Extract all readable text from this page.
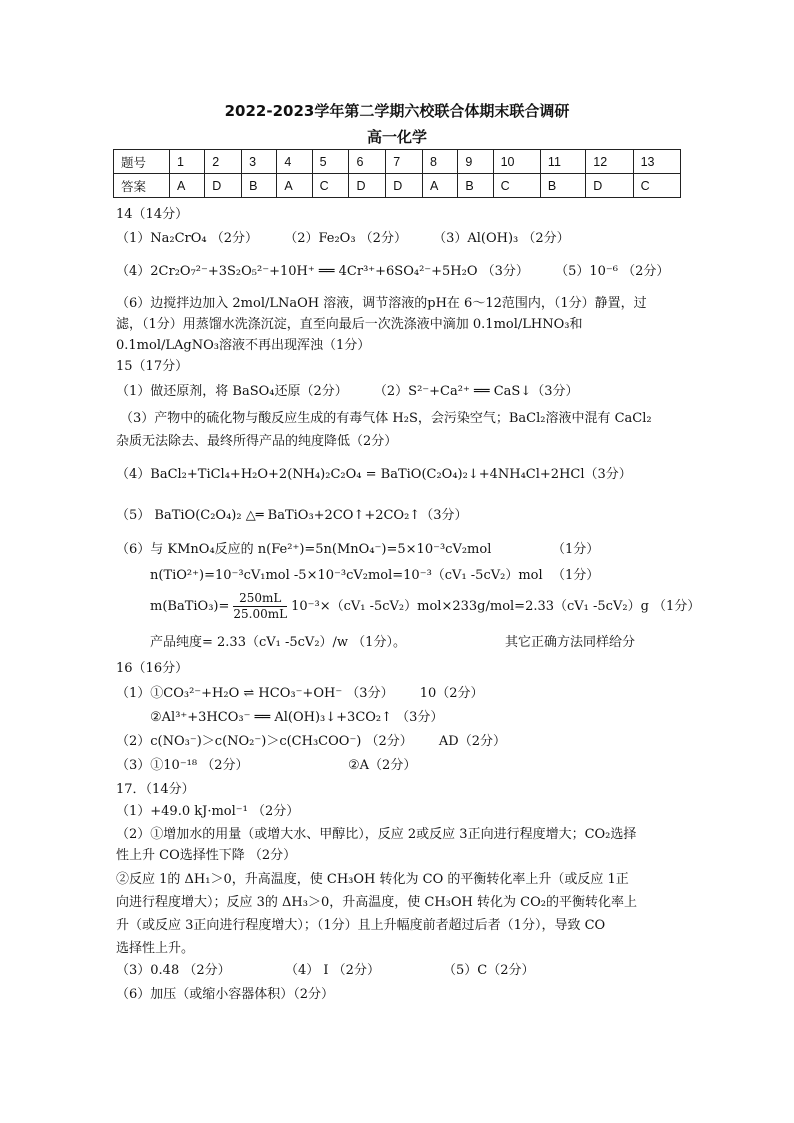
2022-2023学年第二学期六校联合体期末联合调研
高一化学
题号	1	2	3	4	5	6	7	8	9	10	11	12	13
答案	A	D	B	A	C	D	D	A	B	C	B	D	C
14（14分）
（1）Na₂CrO₄ （2分） （2）Fe₂O₃ （2分） （3）Al(OH)₃ （2分）
（4）2Cr₂O₇²⁻+3S₂O₅²⁻+10H⁺ ══ 4Cr³⁺+6SO₄²⁻+5H₂O （3分） （5）10⁻⁶ （2分）
（6）边搅拌边加入 2mol/LNaOH 溶液，调节溶液的pH在 6～12范围内，（1分）静置，过
滤，（1分）用蒸馏水洗涤沉淀，直至向最后一次洗涤液中滴加 0.1mol/LHNO₃和
0.1mol/LAgNO₃溶液不再出现浑浊（1分）
15（17分）
（1）做还原剂，将 BaSO₄还原（2分） （2）S²⁻+Ca²⁺ ══ CaS↓（3分）
（3）产物中的硫化物与酸反应生成的有毒气体 H₂S，会污染空气；BaCl₂溶液中混有 CaCl₂
杂质无法除去、最终所得产品的纯度降低（2分）
（4）BaCl₂+TiCl₄+H₂O+2(NH₄)₂C₂O₄ = BaTiO(C₂O₄)₂↓+4NH₄Cl+2HCl（3分）
（5） BaTiO(C₂O₄)₂ △═ BaTiO₃+2CO↑+2CO₂↑（3分）
（6）与 KMnO₄反应的 n(Fe²⁺)=5n(MnO₄⁻)=5×10⁻³cV₂mol	（1分）
n(TiO²⁺)=10⁻³cV₁mol -5×10⁻³cV₂mol=10⁻³（cV₁ -5cV₂）mol （1分）
m(BaTiO₃)= $\frac{250mL}{25.00mL} 10^{-3}\times(cV_1$ -5cV₂）mol×233g/mol=2.33（cV₁ -5cV₂）g （1分）
产品纯度= 2.33（cV₁ -5cV₂）/w （1分）。	其它正确方法同样给分
16（16分）
（1）①CO₃²⁻+H₂O ⇌ HCO₃⁻+OH⁻ （3分） 10（2分）
②Al³⁺+3HCO₃⁻ ══ Al(OH)₃↓+3CO₂↑ （3分）
（2）c(NO₃⁻)＞c(NO₂⁻)＞c(CH₃COO⁻) （2分） AD（2分）
（3）①10⁻¹⁸ （2分）	②A（2分）
17．（14分）
（1）+49.0 kJ·mol⁻¹ （2分）
（2）①增加水的用量（或增大水、甲醇比），反应 2或反应 3正向进行程度增大；CO₂选择
性上升 CO选择性下降 （2分）
②反应 1的 ΔH₁＞0，升高温度，使 CH₃OH 转化为 CO 的平衡转化率上升（或反应 1正
向进行程度增大）；反应 3的 ΔH₃＞0，升高温度，使 CH₃OH 转化为 CO₂的平衡转化率上
升（或反应 3正向进行程度增大）；（1分）且上升幅度前者超过后者（1分），导致 CO
选择性上升。
（3）0.48 （2分）	（4） I （2分）	（5）C（2分）
（6）加压（或缩小容器体积）（2分）
